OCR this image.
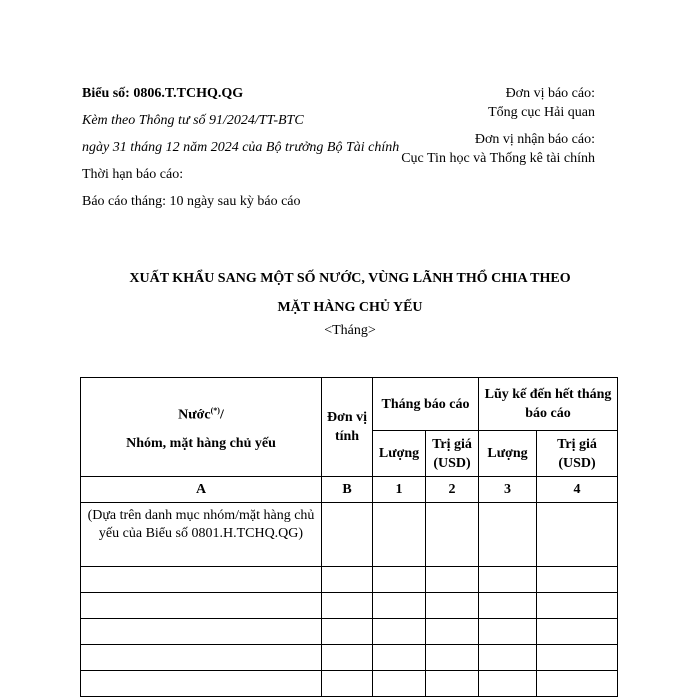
Biểu số: 0806.T.TCHQ.QG
Kèm theo Thông tư số 91/2024/TT-BTC
ngày 31 tháng 12 năm 2024 của Bộ trưởng Bộ Tài chính
Thời hạn báo cáo:
Báo cáo tháng: 10 ngày sau kỳ báo cáo
Đơn vị báo cáo:
Tổng cục Hải quan
Đơn vị nhận báo cáo:
Cục Tin học và Thống kê tài chính
XUẤT KHẨU SANG MỘT SỐ NƯỚC, VÙNG LÃNH THỔ CHIA THEO
MẶT HÀNG CHỦ YẾU
<Tháng>
Nước(*)/
Nhóm, mặt hàng chủ yếu	Đơn vị tính	Tháng báo cáo		Lũy kế đến hết tháng báo cáo	
		Lượng	Trị giá (USD)	Lượng	Trị giá (USD)
A	B	1	2	3	4
(Dựa trên danh mục nhóm/mặt hàng chủ yếu của Biểu số 0801.H.TCHQ.QG)					
